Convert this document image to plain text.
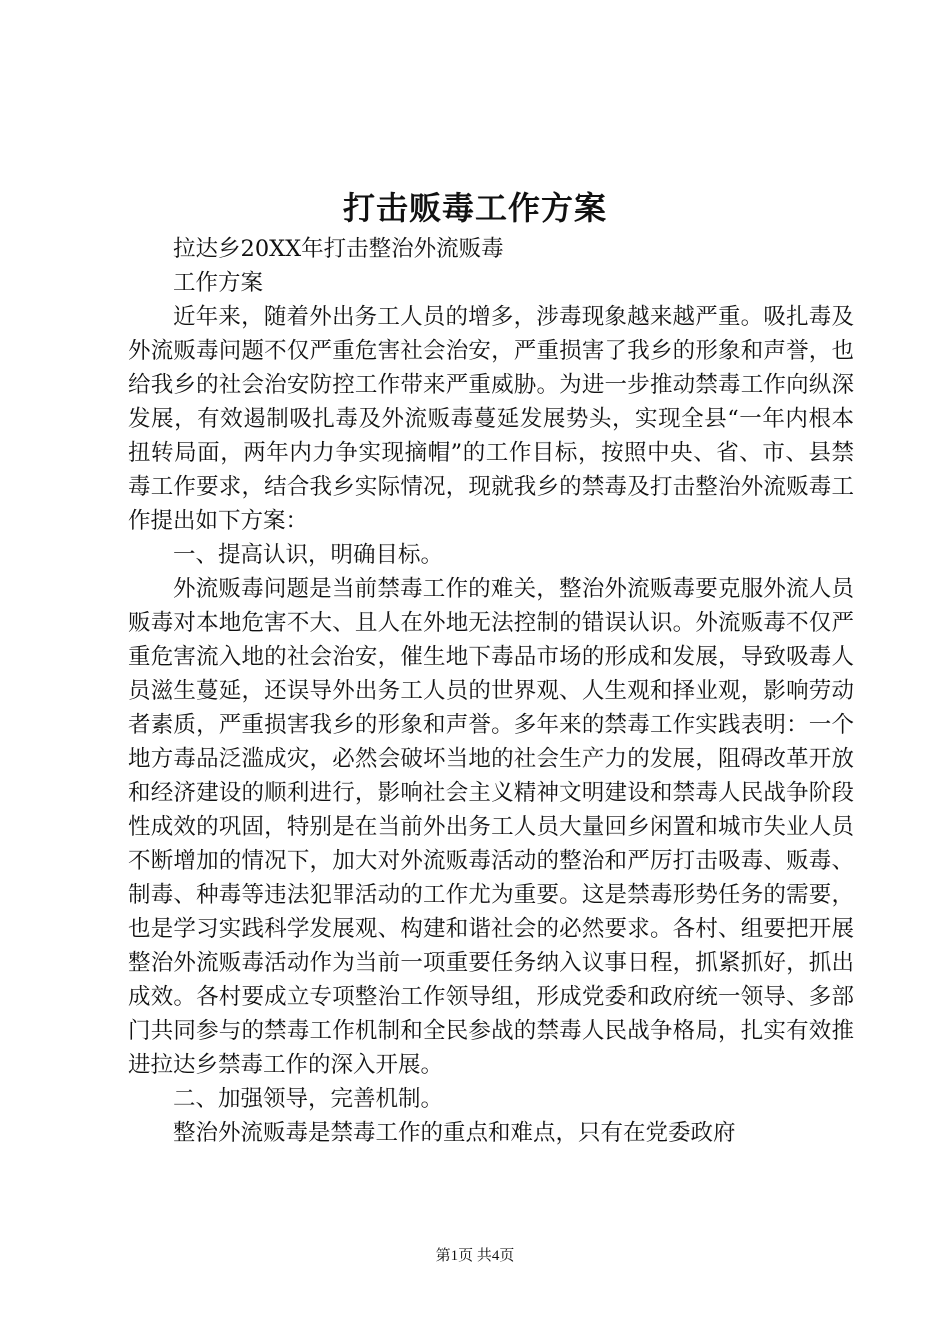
打击贩毒工作方案

拉达乡20XX年打击整治外流贩毒

工作方案

近年来，随着外出务工人员的增多，涉毒现象越来越严重。吸扎毒及外流贩毒问题不仅严重危害社会治安，严重损害了我乡的形象和声誉，也给我乡的社会治安防控工作带来严重威胁。为进一步推动禁毒工作向纵深发展，有效遏制吸扎毒及外流贩毒蔓延发展势头，实现全县“一年内根本扭转局面，两年内力争实现摘帽”的工作目标，按照中央、省、市、县禁毒工作要求，结合我乡实际情况，现就我乡的禁毒及打击整治外流贩毒工作提出如下方案：

一、提高认识，明确目标。

外流贩毒问题是当前禁毒工作的难关，整治外流贩毒要克服外流人员贩毒对本地危害不大、且人在外地无法控制的错误认识。外流贩毒不仅严重危害流入地的社会治安，催生地下毒品市场的形成和发展，导致吸毒人员滋生蔓延，还误导外出务工人员的世界观、人生观和择业观，影响劳动者素质，严重损害我乡的形象和声誉。多年来的禁毒工作实践表明：一个地方毒品泛滥成灾，必然会破坏当地的社会生产力的发展，阻碍改革开放和经济建设的顺利进行，影响社会主义精神文明建设和禁毒人民战争阶段性成效的巩固，特别是在当前外出务工人员大量回乡闲置和城市失业人员不断增加的情况下，加大对外流贩毒活动的整治和严厉打击吸毒、贩毒、制毒、种毒等违法犯罪活动的工作尤为重要。这是禁毒形势任务的需要，也是学习实践科学发展观、构建和谐社会的必然要求。各村、组要把开展整治外流贩毒活动作为当前一项重要任务纳入议事日程，抓紧抓好，抓出成效。各村要成立专项整治工作领导组，形成党委和政府统一领导、多部门共同参与的禁毒工作机制和全民参战的禁毒人民战争格局，扎实有效推进拉达乡禁毒工作的深入开展。

二、加强领导，完善机制。

整治外流贩毒是禁毒工作的重点和难点，只有在党委政府

第1页 共4页
